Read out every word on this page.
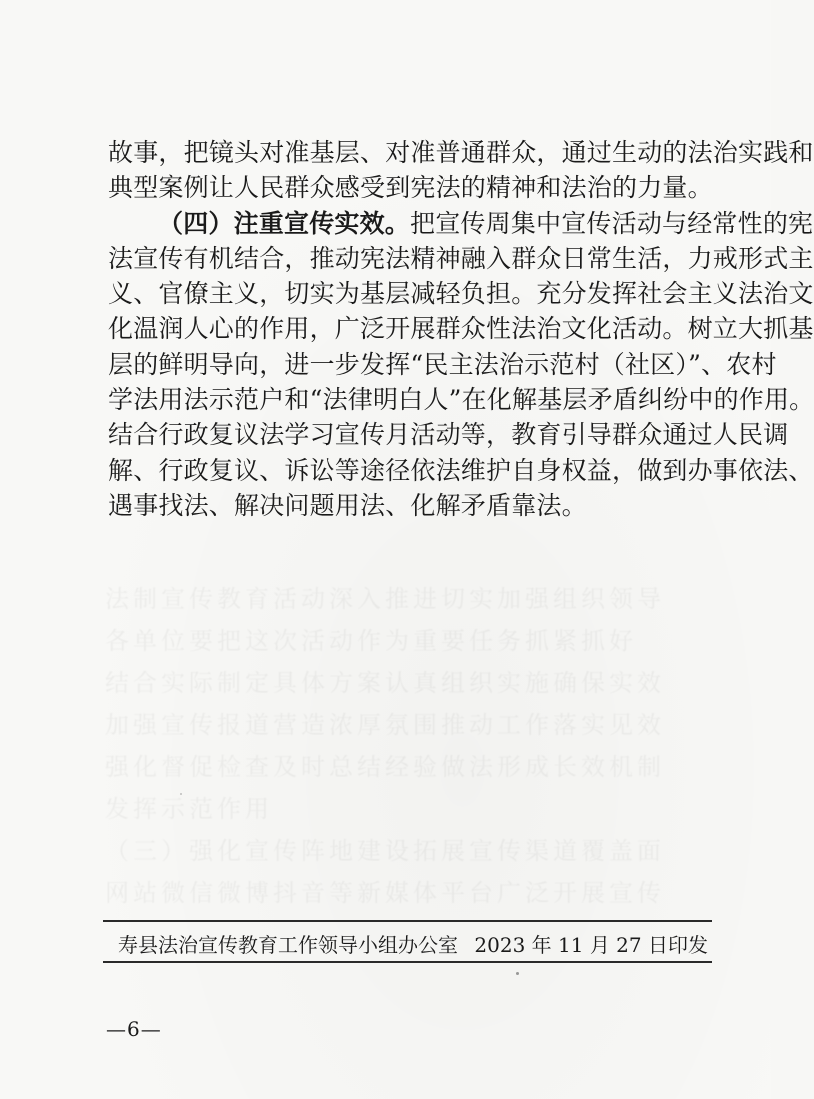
法制宣传教育活动深入推进切实加强组织领导
各单位要把这次活动作为重要任务抓紧抓好
结合实际制定具体方案认真组织实施确保实效
加强宣传报道营造浓厚氛围推动工作落实见效
强化督促检查及时总结经验做法形成长效机制
发挥示范作用
（三）强化宣传阵地建设拓展宣传渠道覆盖面
网站微信微博抖音等新媒体平台广泛开展宣传
故事，把镜头对准基层、对准普通群众，通过生动的法治实践和
典型案例让人民群众感受到宪法的精神和法治的力量。
（四）注重宣传实效。把宣传周集中宣传活动与经常性的宪
法宣传有机结合，推动宪法精神融入群众日常生活，力戒形式主
义、官僚主义，切实为基层减轻负担。充分发挥社会主义法治文
化温润人心的作用，广泛开展群众性法治文化活动。树立大抓基
层的鲜明导向，进一步发挥“民主法治示范村（社区）”、农村
学法用法示范户和“法律明白人”在化解基层矛盾纠纷中的作用。
结合行政复议法学习宣传月活动等，教育引导群众通过人民调
解、行政复议、诉讼等途径依法维护自身权益，做到办事依法、
遇事找法、解决问题用法、化解矛盾靠法。
寿县法治宣传教育工作领导小组办公室 2023 年 11 月 27 日印发
—6—
